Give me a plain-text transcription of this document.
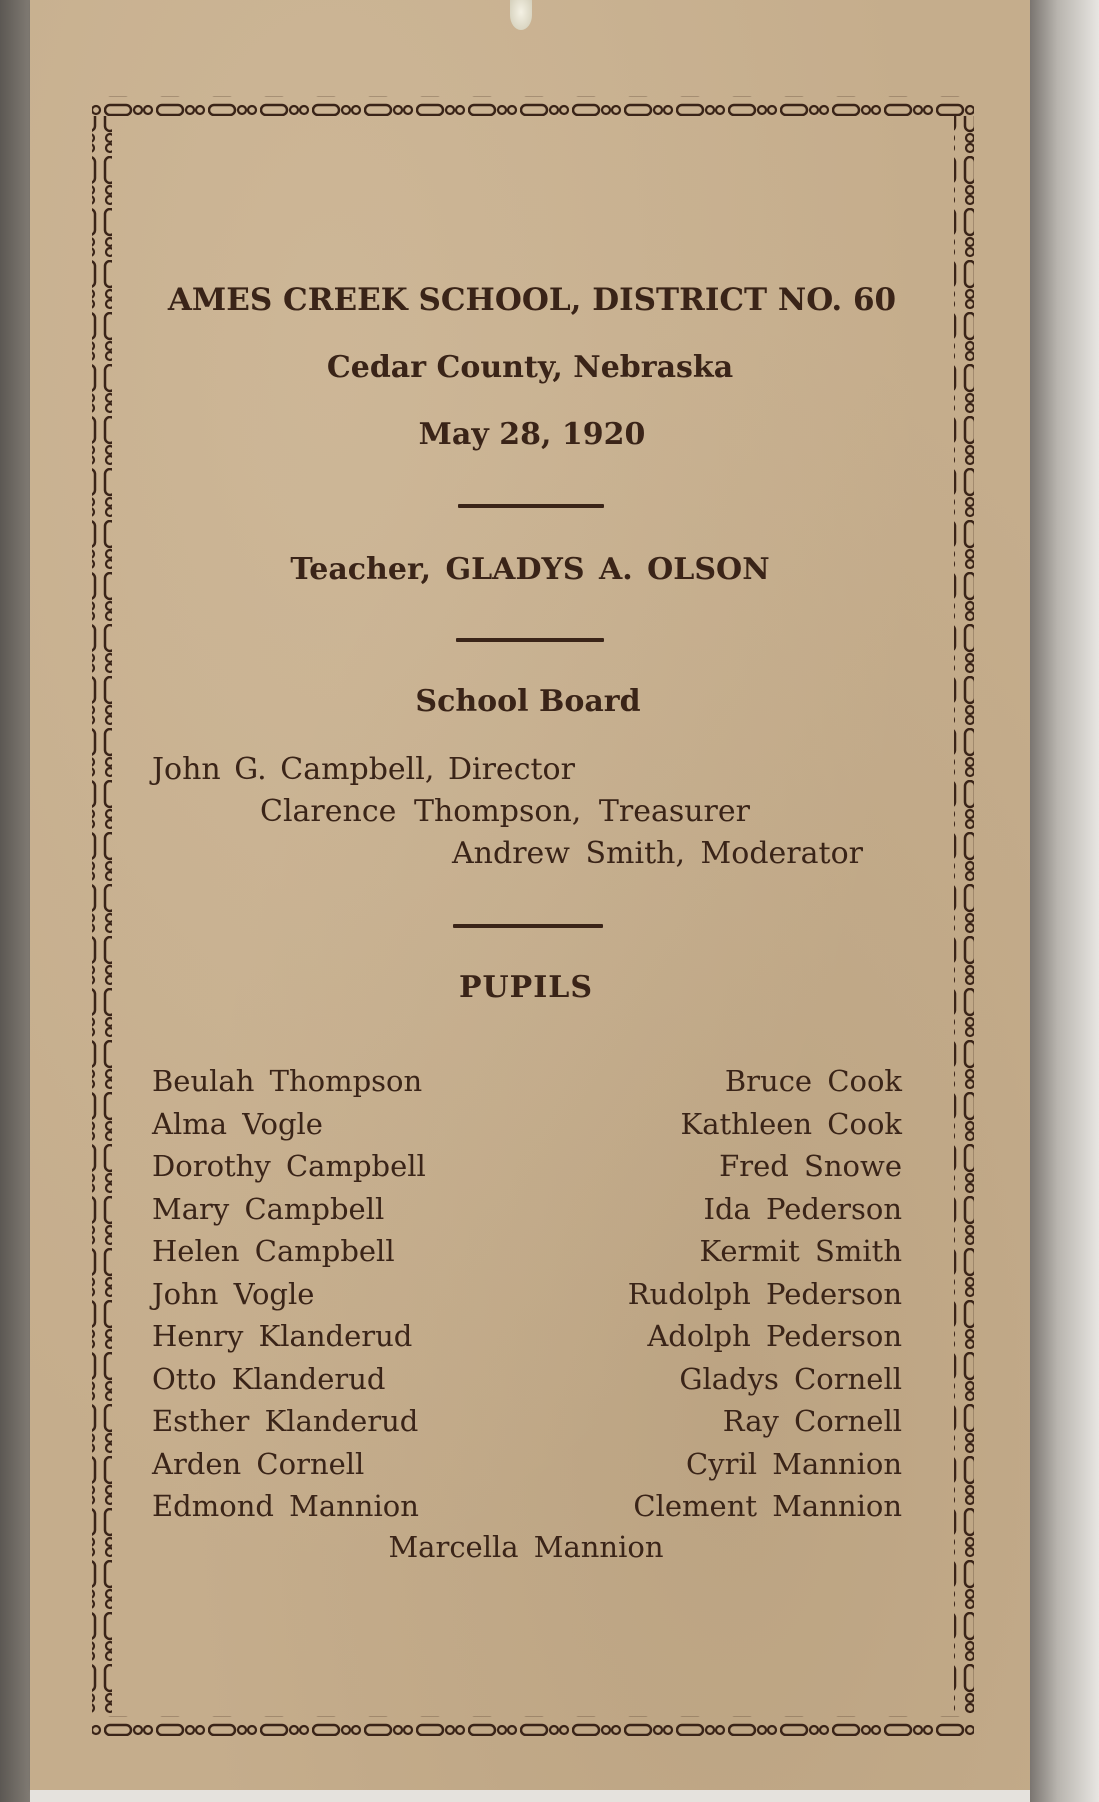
AMES CREEK SCHOOL, DISTRICT NO. 60

Cedar County, Nebraska

May 28, 1920

Teacher, GLADYS A. OLSON

School Board

John G. Campbell, Director

Clarence Thompson, Treasurer

Andrew Smith, Moderator

PUPILS
Beulah Thompson
Alma Vogle
Dorothy Campbell
Mary Campbell
Helen Campbell
John Vogle
Henry Klanderud
Otto Klanderud
Esther Klanderud
Arden Cornell
Edmond Mannion
Bruce Cook
Kathleen Cook
Fred Snowe
Ida Pederson
Kermit Smith
Rudolph Pederson
Adolph Pederson
Gladys Cornell
Ray Cornell
Cyril Mannion
Clement Mannion

Marcella Mannion
